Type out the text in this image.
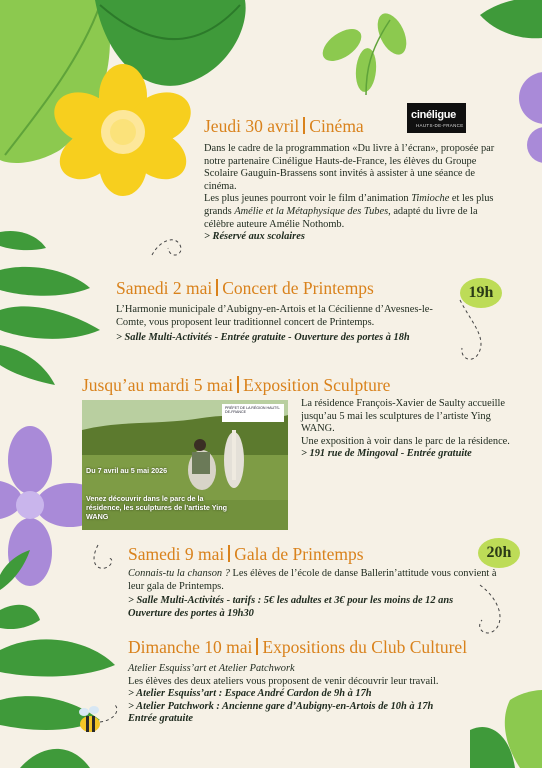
cinéligue
HAUTS-DE-FRANCE
Jeudi 30 avril Cinéma

Dans le cadre de la programmation «Du livre à l’écran», proposée par notre partenaire Cinéligue Hauts-de-France, les élèves du Groupe Scolaire Gauguin-Brassens sont invités à assister à une séance de cinéma.

Les plus jeunes pourront voir le film d’animation Timioche et les plus grands Amélie et la Métaphysique des Tubes, adapté du livre de la célèbre auteure Amélie Nothomb.

> Réservé aux scolaires

Samedi 2 mai Concert de Printemps

L’Harmonie municipale d’Aubigny-en-Artois et la Cécilienne d’Avesnes-le-Comte, vous proposent leur traditionnel concert de Printemps.

> Salle Multi-Activités - Entrée gratuite - Ouverture des portes à 18h

19h
Jusqu’au mardi 5 mai Exposition Sculpture
PRÉFET DE LA RÉGION HAUTS-DE-FRANCE
Du 7 avril au 5 mai 2026
Venez découvrir dans le parc de la résidence, les sculptures de l’artiste Ying WANG

La résidence François-Xavier de Saulty accueille jusqu’au 5 mai les sculptures de l’artiste Ying WANG.

Une exposition à voir dans le parc de la résidence.

> 191 rue de Mingoval - Entrée gratuite

Samedi 9 mai Gala de Printemps

Connais-tu la chanson ? Les élèves de l’école de danse Ballerin’attitude vous convient à leur gala de Printemps.

> Salle Multi-Activités - tarifs : 5€ les adultes et 3€ pour les moins de 12 ans

Ouverture des portes à 19h30

20h
Dimanche 10 mai Expositions du Club Culturel

Atelier Esquiss’art et Atelier Patchwork

Les élèves des deux ateliers vous proposent de venir découvrir leur travail.

> Atelier Esquiss’art : Espace André Cardon de 9h à 17h

> Atelier Patchwork : Ancienne gare d’Aubigny-en-Artois de 10h à 17h

Entrée gratuite
